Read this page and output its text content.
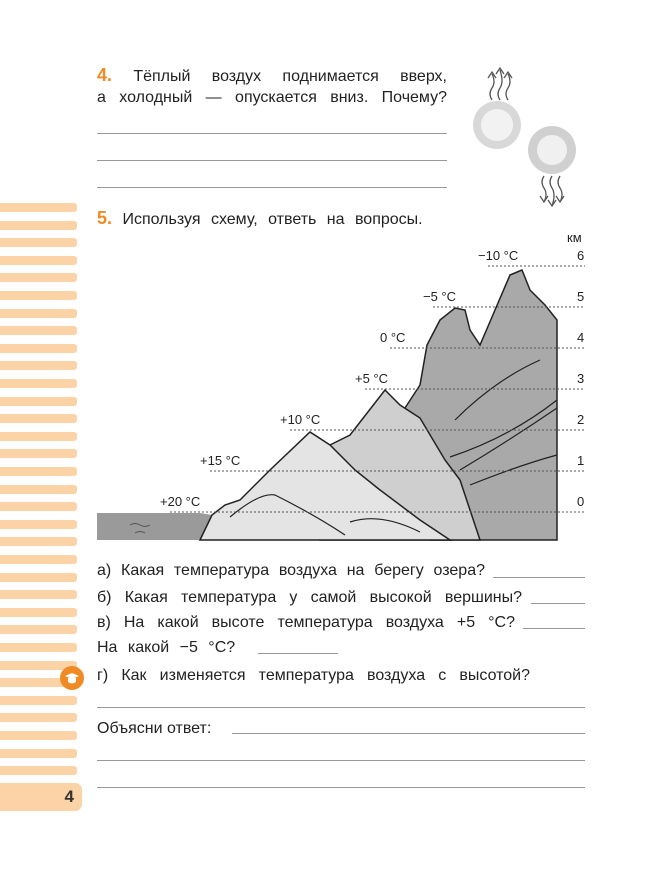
4
4. Тёплый воздух поднимается вверх,
а холодный — опускается вниз. Почему?
5. Используя схему, ответь на вопросы.
км
0
+20 °C
1
+15 °C
2
+10 °C
3
+5 °C
4
0 °C
5
−5 °C
6
−10 °C
а) Какая температура воздуха на берегу озера?
б) Какая температура у самой высокой вершины?
в) На какой высоте температура воздуха +5 °C?
На какой −5 °C?
г) Как изменяется температура воздуха с высотой?
Объясни ответ:
